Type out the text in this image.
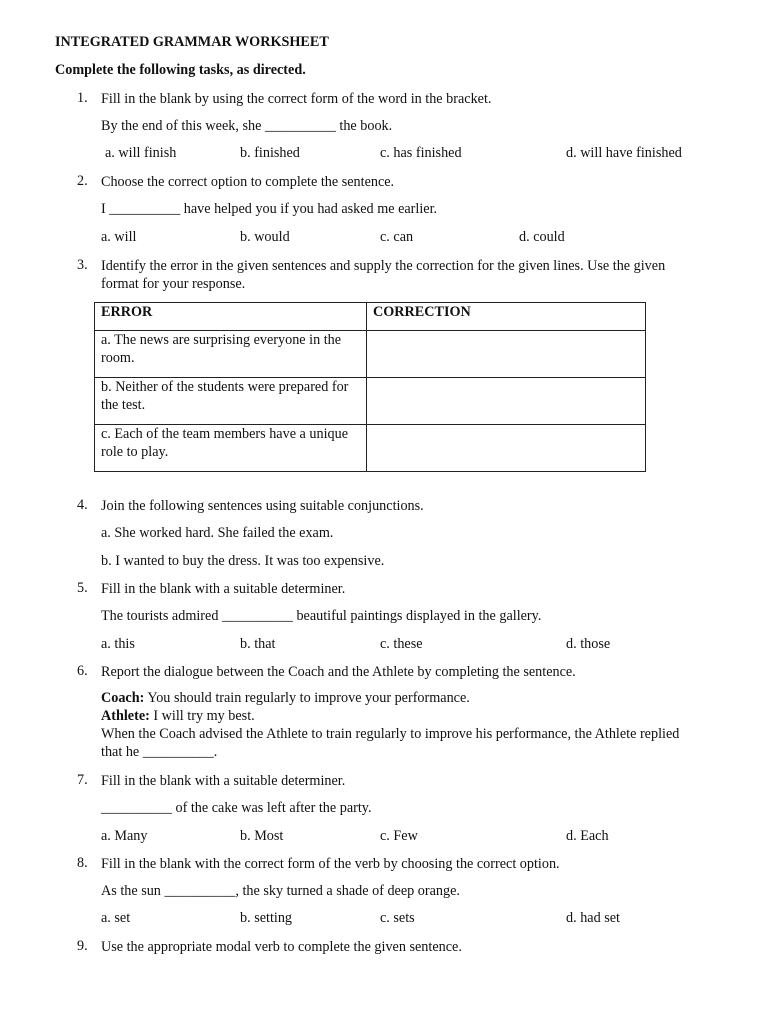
INTEGRATED GRAMMAR WORKSHEET
Complete the following tasks, as directed.
1. Fill in the blank by using the correct form of the word in the bracket.
By the end of this week, she __________ the book.
a. will finish	b. finished	c. has finished	d. will have finished
2. Choose the correct option to complete the sentence.
I __________ have helped you if you had asked me earlier.
a. will	b. would	c. can	d. could
3. Identify the error in the given sentences and supply the correction for the given lines. Use the given format for your response.
ERROR	CORRECTION
a. The news are surprising everyone in the room.	
b. Neither of the students were prepared for the test.	
c. Each of the team members have a unique role to play.	
4. Join the following sentences using suitable conjunctions.
a. She worked hard. She failed the exam.
b. I wanted to buy the dress. It was too expensive.
5. Fill in the blank with a suitable determiner.
The tourists admired __________ beautiful paintings displayed in the gallery.
a. this	b. that	c. these	d. those
6. Report the dialogue between the Coach and the Athlete by completing the sentence.
Coach: You should train regularly to improve your performance.
Athlete: I will try my best.
When the Coach advised the Athlete to train regularly to improve his performance, the Athlete replied that he __________.
7. Fill in the blank with a suitable determiner.
__________ of the cake was left after the party.
a. Many	b. Most	c. Few	d. Each
8. Fill in the blank with the correct form of the verb by choosing the correct option.
As the sun __________, the sky turned a shade of deep orange.
a. set	b. setting	c. sets	d. had set
9. Use the appropriate modal verb to complete the given sentence.
